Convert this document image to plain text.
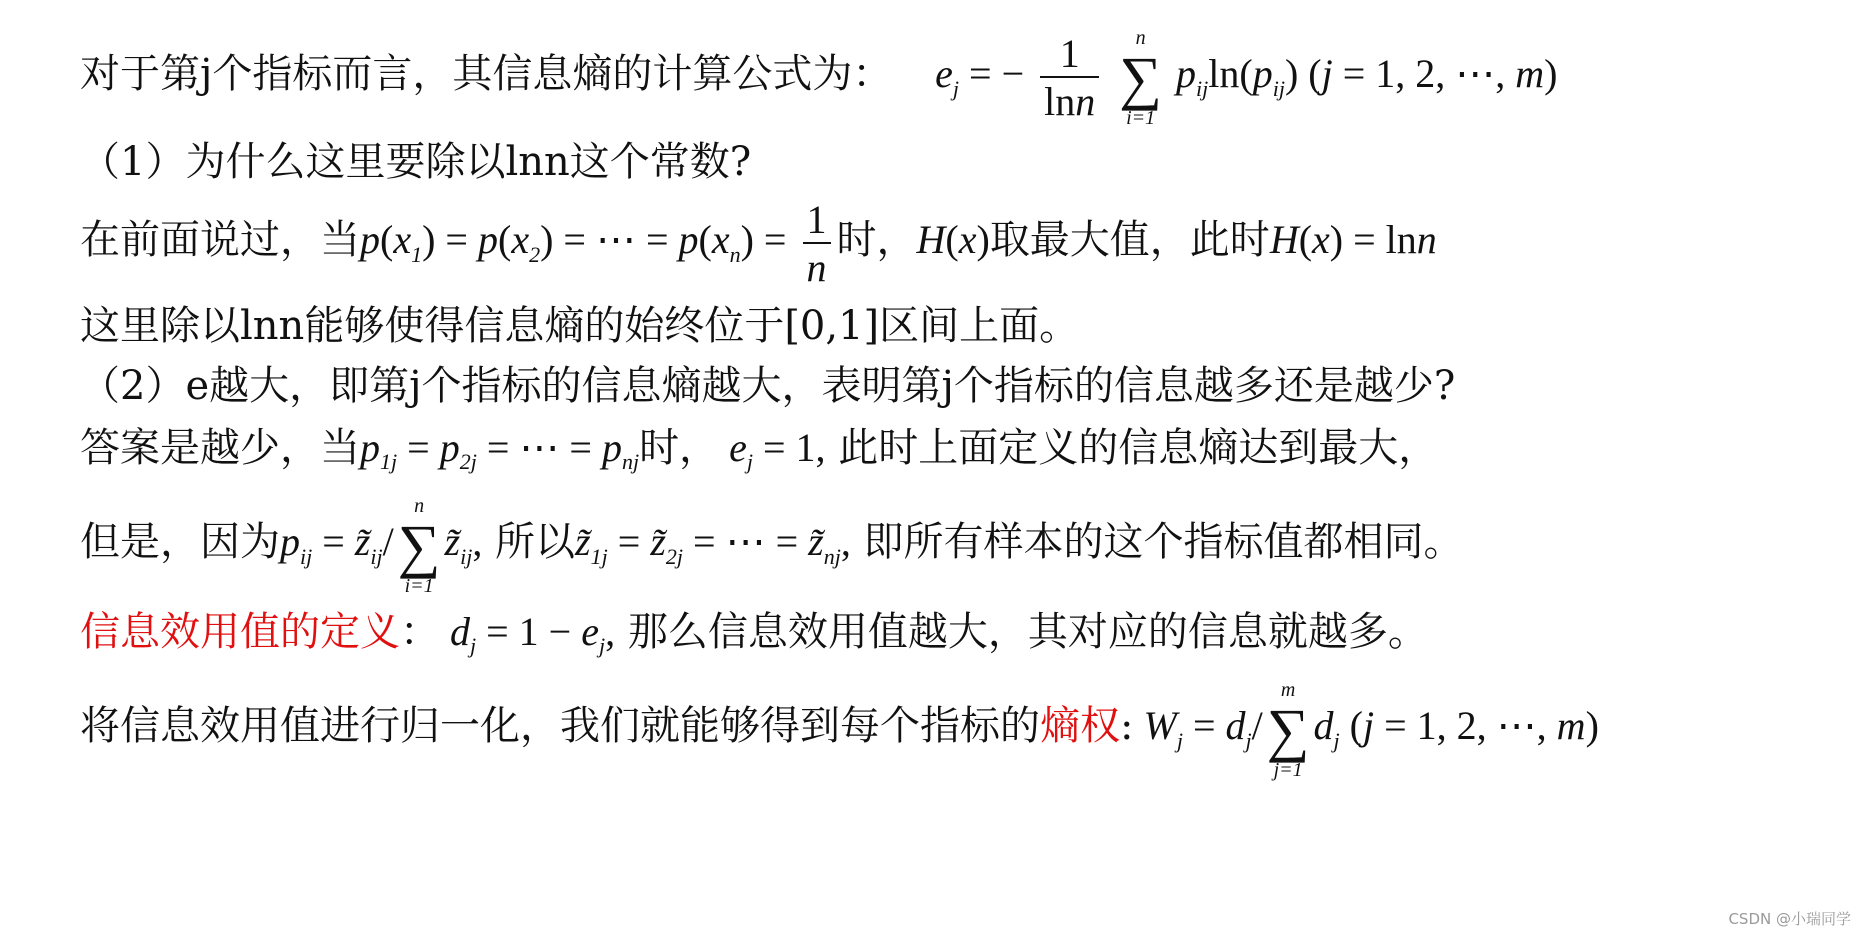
对于第j个指标而言，其信息熵的计算公式为： $e_j$ = − $\frac{1}{\ln n}$
	n
∑
i=1
$p_{ij}\ln(p_{ij}) (j = 1$, 2, ⋯, m)
（1）为什么这里要除以lnn这个常数?
在前面说过，当$p(x_1) = p(x_2)$ = ⋯ = $p(x_n) = \frac{1}{n}$ 时，H(x)取最大值，此时H(x) = lnn
这里除以lnn能够使得信息熵的始终位于[0,1]区间上面。
（2）e越大，即第j个指标的信息熵越大，表明第j个指标的信息越多还是越少?
答案是越少，当$p_{1j} = p_{2j}$ = ⋯ = $p_{nj}$时， $e_j = 1$, 此时上面定义的信息熵达到最大，
但是，因为$p_{ij}$ = $z̃_{ij}/$
n
∑
i=1
$z̃_{ij}$, 所以$z̃_{1j}$ = $z̃_{2j}$ = ⋯ = $z̃_{nj}$, 即所有样本的这个指标值都相同。
信息效用值的定义： $d_j = 1 - e_j$, 那么信息效用值越大，其对应的信息就越多。
将信息效用值进行归一化，我们就能够得到每个指标的熵权: $W_j = d_j/$
m
∑
j=1
$d_j$ (j = 1, 2, ⋯, m)
CSDN @小瑞同学
